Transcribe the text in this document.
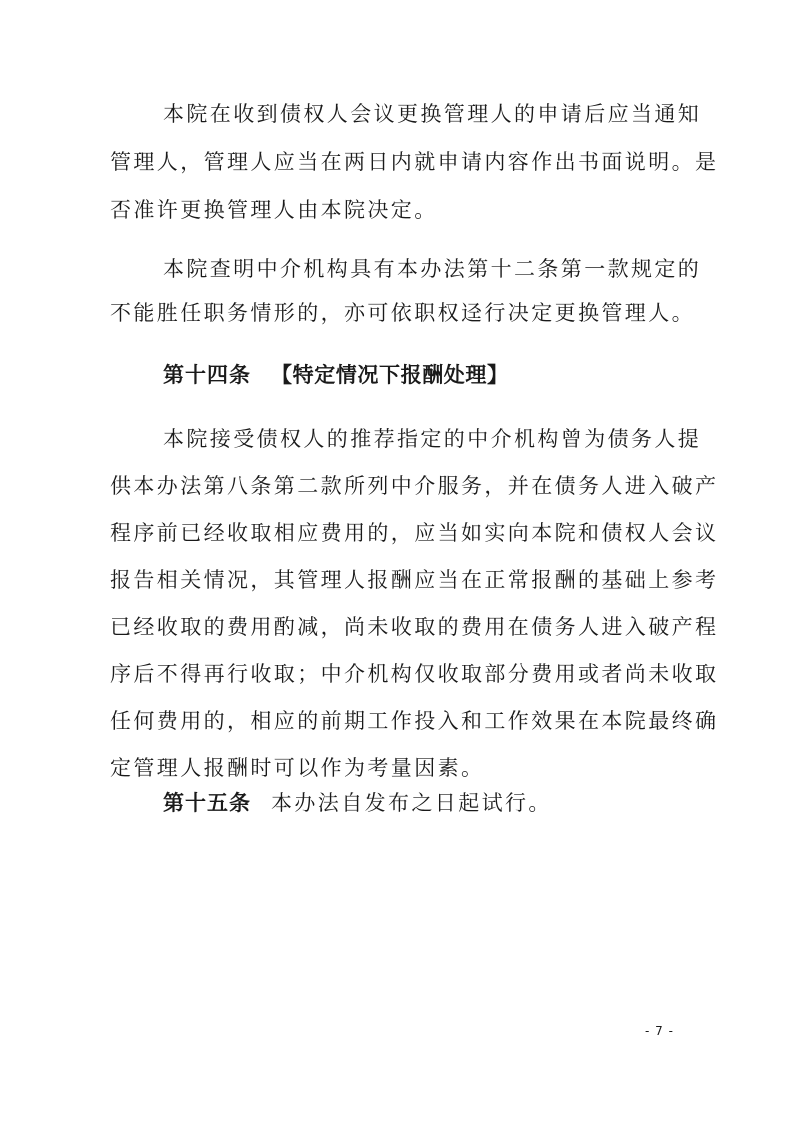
本院在收到债权人会议更换管理人的申请后应当通知
管理人，管理人应当在两日内就申请内容作出书面说明。是
否准许更换管理人由本院决定。
本院查明中介机构具有本办法第十二条第一款规定的
不能胜任职务情形的，亦可依职权迳行决定更换管理人。
第十四条 【特定情况下报酬处理】
本院接受债权人的推荐指定的中介机构曾为债务人提
供本办法第八条第二款所列中介服务，并在债务人进入破产
程序前已经收取相应费用的，应当如实向本院和债权人会议
报告相关情况，其管理人报酬应当在正常报酬的基础上参考
已经收取的费用酌减，尚未收取的费用在债务人进入破产程
序后不得再行收取；中介机构仅收取部分费用或者尚未收取
任何费用的，相应的前期工作投入和工作效果在本院最终确
定管理人报酬时可以作为考量因素。
第十五条 本办法自发布之日起试行。
- 7 -
